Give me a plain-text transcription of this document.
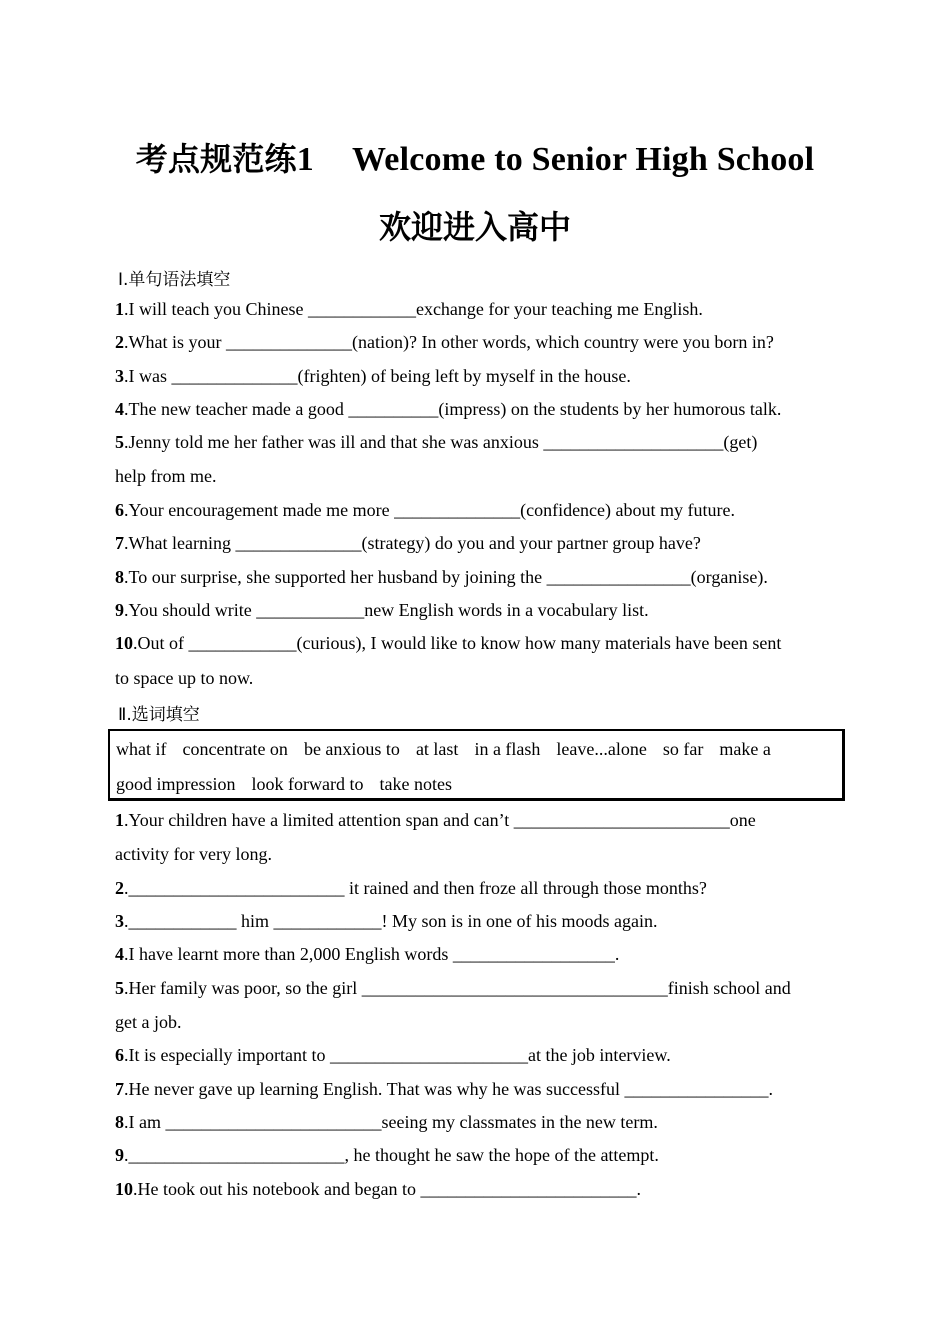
考点规范练1 Welcome to Senior High School
欢迎进入高中
Ⅰ.单句语法填空
1.I will teach you Chinese ____________exchange for your teaching me English.
2.What is your ______________(nation)? In other words, which country were you born in?
3.I was ______________(frighten) of being left by myself in the house.
4.The new teacher made a good __________(impress) on the students by her humorous talk.
5.Jenny told me her father was ill and that she was anxious ____________________(get)
help from me.
6.Your encouragement made me more ______________(confidence) about my future.
7.What learning ______________(strategy) do you and your partner group have?
8.To our surprise, she supported her husband by joining the ________________(organise).
9.You should write ____________new English words in a vocabulary list.
10.Out of ____________(curious), I would like to know how many materials have been sent
to space up to now.
Ⅱ.选词填空
what if concentrate on be anxious to at last in a flash leave...alone so far make a
good impression look forward to take notes
1.Your children have a limited attention span and can’t ________________________one
activity for very long.
2.________________________ it rained and then froze all through those months?
3.____________ him ____________! My son is in one of his moods again.
4.I have learnt more than 2,000 English words __________________.
5.Her family was poor, so the girl __________________________________finish school and
get a job.
6.It is especially important to ______________________at the job interview.
7.He never gave up learning English. That was why he was successful ________________.
8.I am ________________________seeing my classmates in the new term.
9.________________________, he thought he saw the hope of the attempt.
10.He took out his notebook and began to ________________________.
